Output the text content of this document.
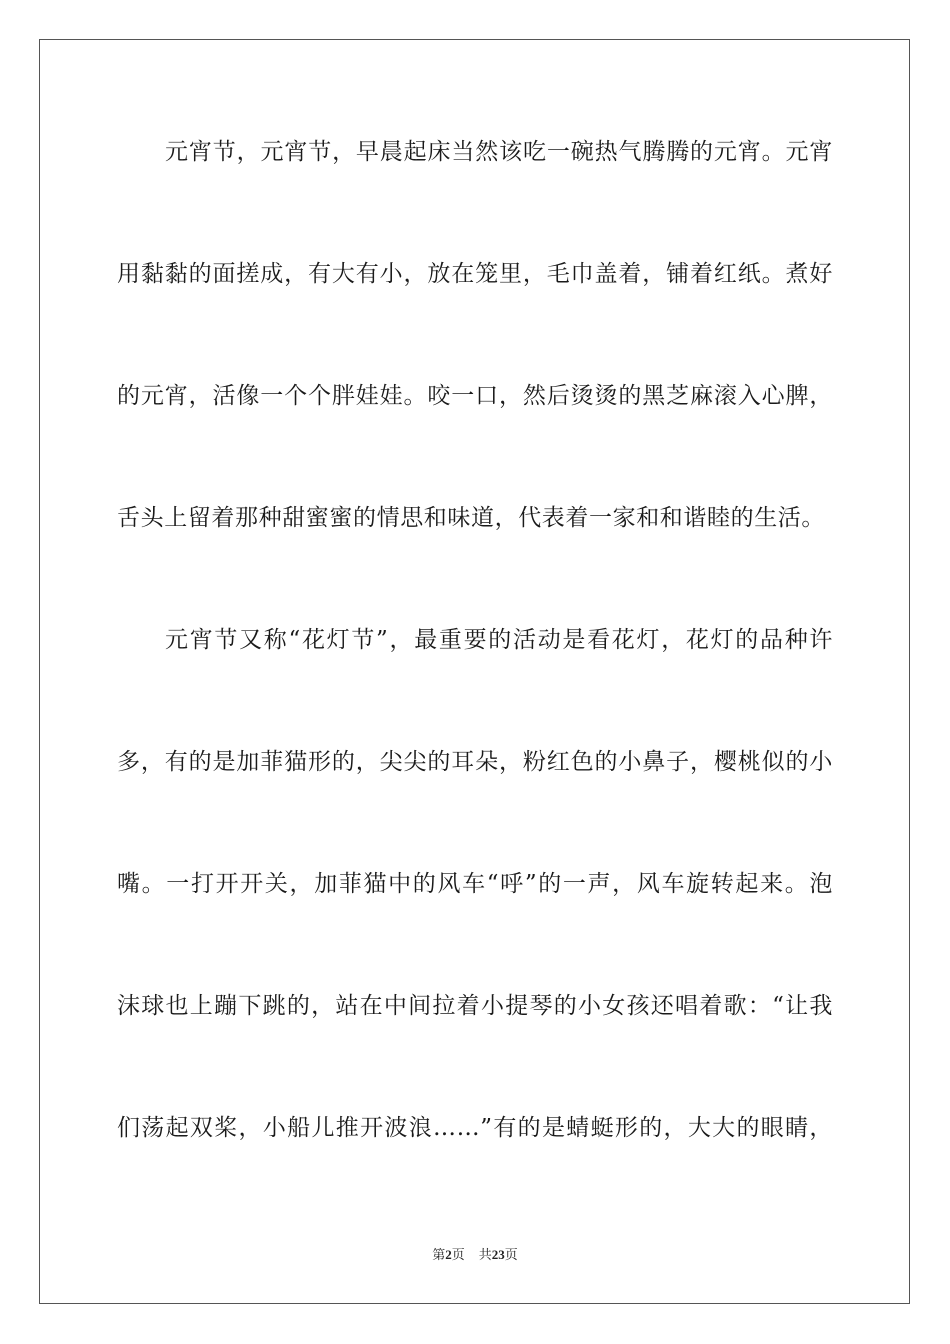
元宵节，元宵节，早晨起床当然该吃一碗热气腾腾的元宵。元宵
用黏黏的面搓成，有大有小，放在笼里，毛巾盖着，铺着红纸。煮好
的元宵，活像一个个胖娃娃。咬一口，然后烫烫的黑芝麻滚入心脾，
舌头上留着那种甜蜜蜜的情思和味道，代表着一家和和谐睦的生活。
元宵节又称“花灯节”，最重要的活动是看花灯，花灯的品种许
多，有的是加菲猫形的，尖尖的耳朵，粉红色的小鼻子，樱桃似的小
嘴。一打开开关，加菲猫中的风车“呼”的一声，风车旋转起来。泡
沫球也上蹦下跳的，站在中间拉着小提琴的小女孩还唱着歌：“让我
们荡起双桨，小船儿推开波浪……”有的是蜻蜓形的，大大的眼睛，
第2页 共23页
